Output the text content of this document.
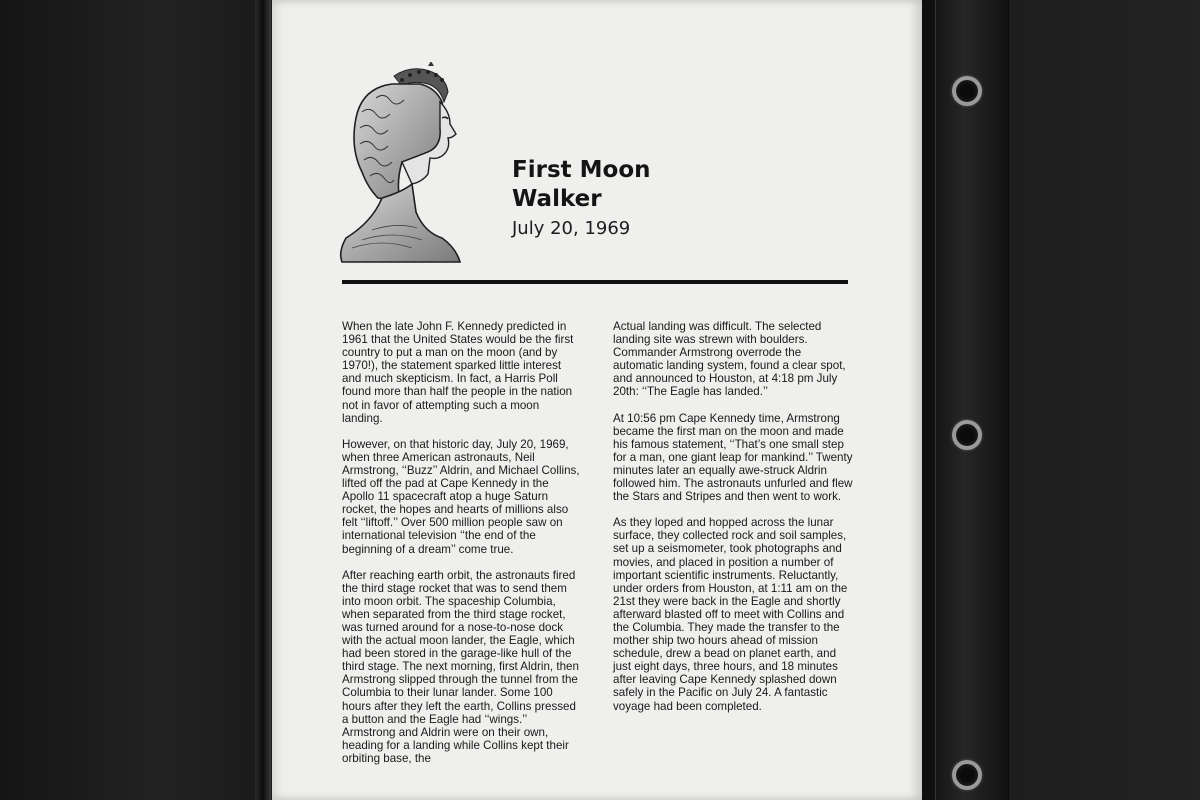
First Moon
Walker
July 20, 1969

When the late John F. Kennedy predicted in 1961 that the United States would be the first country to put a man on the moon (and by 1970!), the statement sparked little interest and much skepticism. In fact, a Harris Poll found more than half the people in the nation not in favor of attempting such a moon landing.

However, on that historic day, July 20, 1969, when three American astronauts, Neil Armstrong, ‘‘Buzz’’ Aldrin, and Michael Collins, lifted off the pad at Cape Kennedy in the Apollo 11 spacecraft atop a huge Saturn rocket, the hopes and hearts of millions also felt ‘‘liftoff.’’ Over 500 million people saw on international television ‘‘the end of the beginning of a dream’’ come true.

After reaching earth orbit, the astronauts fired the third stage rocket that was to send them into moon orbit. The spaceship Columbia, when separated from the third stage rocket, was turned around for a nose-to-nose dock with the actual moon lander, the Eagle, which had been stored in the garage-like hull of the third stage. The next morning, first Aldrin, then Armstrong slipped through the tunnel from the Columbia to their lunar lander. Some 100 hours after they left the earth, Collins pressed a button and the Eagle had ‘‘wings.’’ Armstrong and Aldrin were on their own, heading for a landing while Collins kept their orbiting base, the

Actual landing was difficult. The selected landing site was strewn with boulders. Commander Armstrong overrode the automatic landing system, found a clear spot, and announced to Houston, at 4:18 pm July 20th: ‘‘The Eagle has landed.’’

At 10:56 pm Cape Kennedy time, Armstrong became the first man on the moon and made his famous statement, ‘‘That’s one small step for a man, one giant leap for mankind.’’ Twenty minutes later an equally awe-struck Aldrin followed him. The astronauts unfurled and flew the Stars and Stripes and then went to work.

As they loped and hopped across the lunar surface, they collected rock and soil samples, set up a seismometer, took photographs and movies, and placed in position a number of important scientific instruments. Reluctantly, under orders from Houston, at 1:11 am on the 21st they were back in the Eagle and shortly afterward blasted off to meet with Collins and the Columbia. They made the transfer to the mother ship two hours ahead of mission schedule, drew a bead on planet earth, and just eight days, three hours, and 18 minutes after leaving Cape Kennedy splashed down safely in the Pacific on July 24. A fantastic voyage had been completed.
